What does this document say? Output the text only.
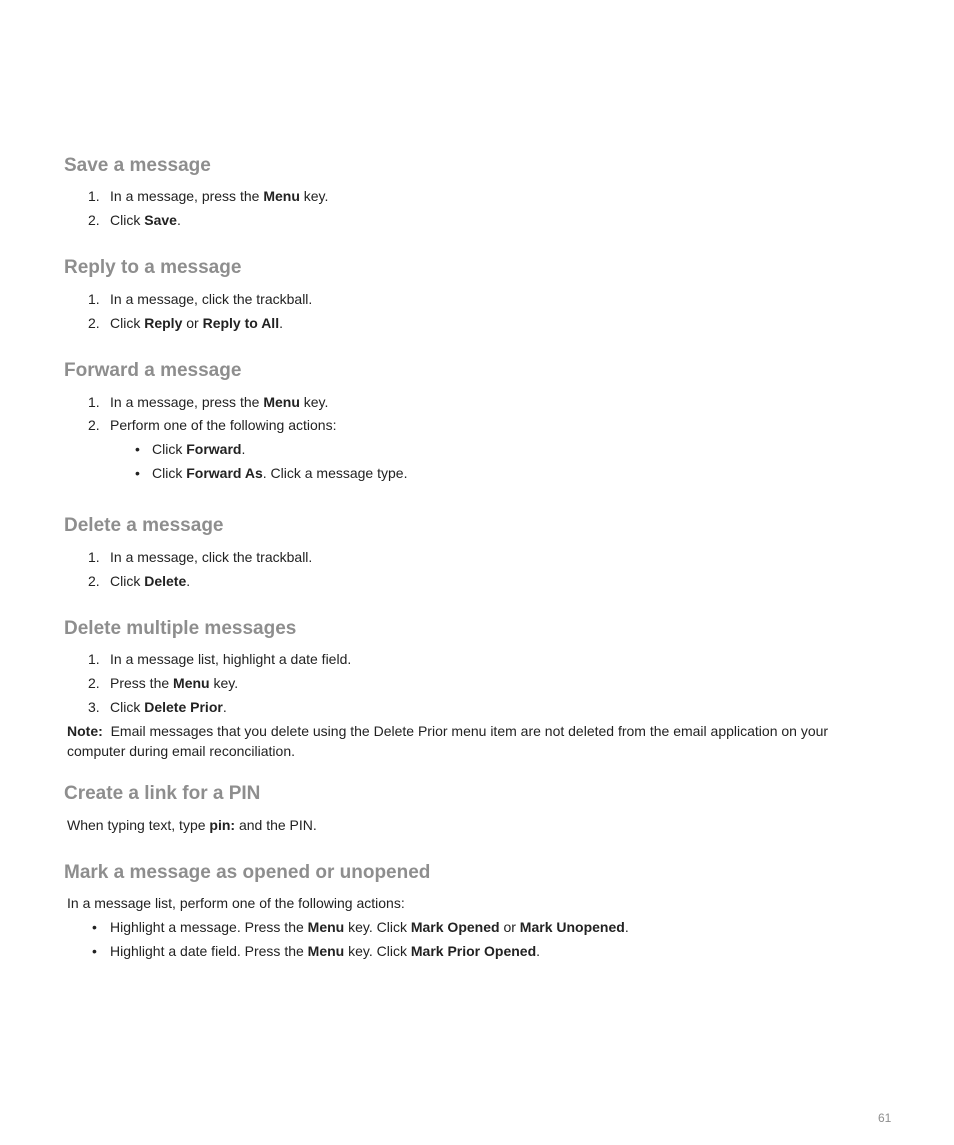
Save a message
1. In a message, press the Menu key.
2. Click Save.
Reply to a message
1. In a message, click the trackball.
2. Click Reply or Reply to All.
Forward a message
1. In a message, press the Menu key.
2. Perform one of the following actions:
• Click Forward.
• Click Forward As. Click a message type.
Delete a message
1. In a message, click the trackball.
2. Click Delete.
Delete multiple messages
1. In a message list, highlight a date field.
2. Press the Menu key.
3. Click Delete Prior.
Note: Email messages that you delete using the Delete Prior menu item are not deleted from the email application on your computer during email reconciliation.
Create a link for a PIN
When typing text, type pin: and the PIN.
Mark a message as opened or unopened
In a message list, perform one of the following actions:
• Highlight a message. Press the Menu key. Click Mark Opened or Mark Unopened.
• Highlight a date field. Press the Menu key. Click Mark Prior Opened.
61
